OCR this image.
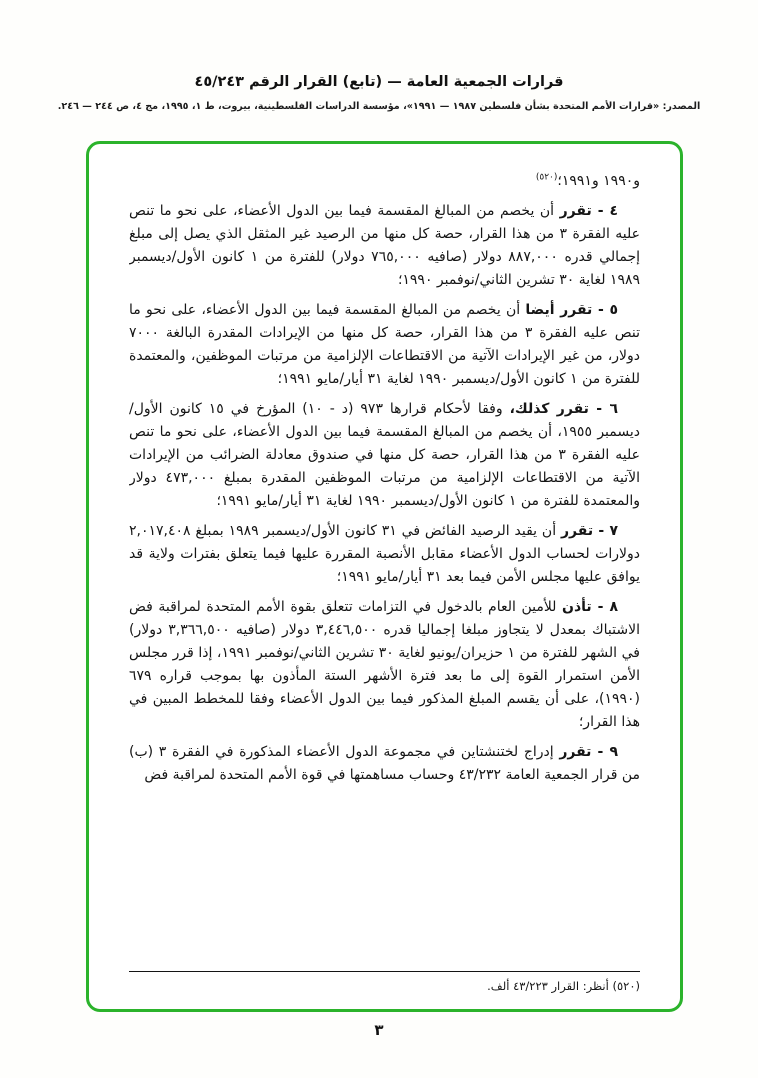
قرارات الجمعية العامة — (تابع) القرار الرقم ٤٥/٢٤٣
المصدر: «قرارات الأمم المتحدة بشأن فلسطين ١٩٨٧ — ١٩٩١»، مؤسسة الدراسات الفلسطينية، بيروت، ط ١، ١٩٩٥، مج ٤، ص ٢٤٤ — ٢٤٦.

و١٩٩٠ و١٩٩١؛$^{(٥٢٠)}$

٤ - تقرر أن يخصم من المبالغ المقسمة فيما بين الدول الأعضاء، على نحو ما تنص عليه الفقرة ٣ من هذا القرار، حصة كل منها من الرصيد غير المثقل الذي يصل إلى مبلغ إجمالي قدره ٨٨٧,٠٠٠ دولار (صافيه ٧٦٥,٠٠٠ دولار) للفترة من ١ كانون الأول/ديسمبر ١٩٨٩ لغاية ٣٠ تشرين الثاني/نوفمبر ١٩٩٠؛

٥ - تقرر أيضا أن يخصم من المبالغ المقسمة فيما بين الدول الأعضاء، على نحو ما تنص عليه الفقرة ٣ من هذا القرار، حصة كل منها من الإيرادات المقدرة البالغة ٧٠٠٠ دولار، من غير الإيرادات الآتية من الاقتطاعات الإلزامية من مرتبات الموظفين، والمعتمدة للفترة من ١ كانون الأول/ديسمبر ١٩٩٠ لغاية ٣١ أيار/مايو ١٩٩١؛

٦ - تقرر كذلك، وفقا لأحكام قرارها ٩٧٣ (د - ١٠) المؤرخ في ١٥ كانون الأول/ديسمبر ١٩٥٥، أن يخصم من المبالغ المقسمة فيما بين الدول الأعضاء، على نحو ما تنص عليه الفقرة ٣ من هذا القرار، حصة كل منها في صندوق معادلة الضرائب من الإيرادات الآتية من الاقتطاعات الإلزامية من مرتبات الموظفين المقدرة بمبلغ ٤٧٣,٠٠٠ دولار والمعتمدة للفترة من ١ كانون الأول/ديسمبر ١٩٩٠ لغاية ٣١ أيار/مايو ١٩٩١؛

٧ - تقرر أن يقيد الرصيد الفائض في ٣١ كانون الأول/ديسمبر ١٩٨٩ بمبلغ ٢,٠١٧,٤٠٨ دولارات لحساب الدول الأعضاء مقابل الأنصبة المقررة عليها فيما يتعلق بفترات ولاية قد يوافق عليها مجلس الأمن فيما بعد ٣١ أيار/مايو ١٩٩١؛

٨ - تأذن للأمين العام بالدخول في التزامات تتعلق بقوة الأمم المتحدة لمراقبة فض الاشتباك بمعدل لا يتجاوز مبلغا إجماليا قدره ٣,٤٤٦,٥٠٠ دولار (صافيه ٣,٣٦٦,٥٠٠ دولار) في الشهر للفترة من ١ حزيران/يونيو لغاية ٣٠ تشرين الثاني/نوفمبر ١٩٩١، إذا قرر مجلس الأمن استمرار القوة إلى ما بعد فترة الأشهر الستة المأذون بها بموجب قراره ٦٧٩ (١٩٩٠)، على أن يقسم المبلغ المذكور فيما بين الدول الأعضاء وفقا للمخطط المبين في هذا القرار؛

٩ - تقرر إدراج لختنشتاين في مجموعة الدول الأعضاء المذكورة في الفقرة ٣ (ب) من قرار الجمعية العامة ٤٣/٢٣٢ وحساب مساهمتها في قوة الأمم المتحدة لمراقبة فض

(٥٢٠) أنظر: القرار ٤٣/٢٢٣ ألف.

٣
